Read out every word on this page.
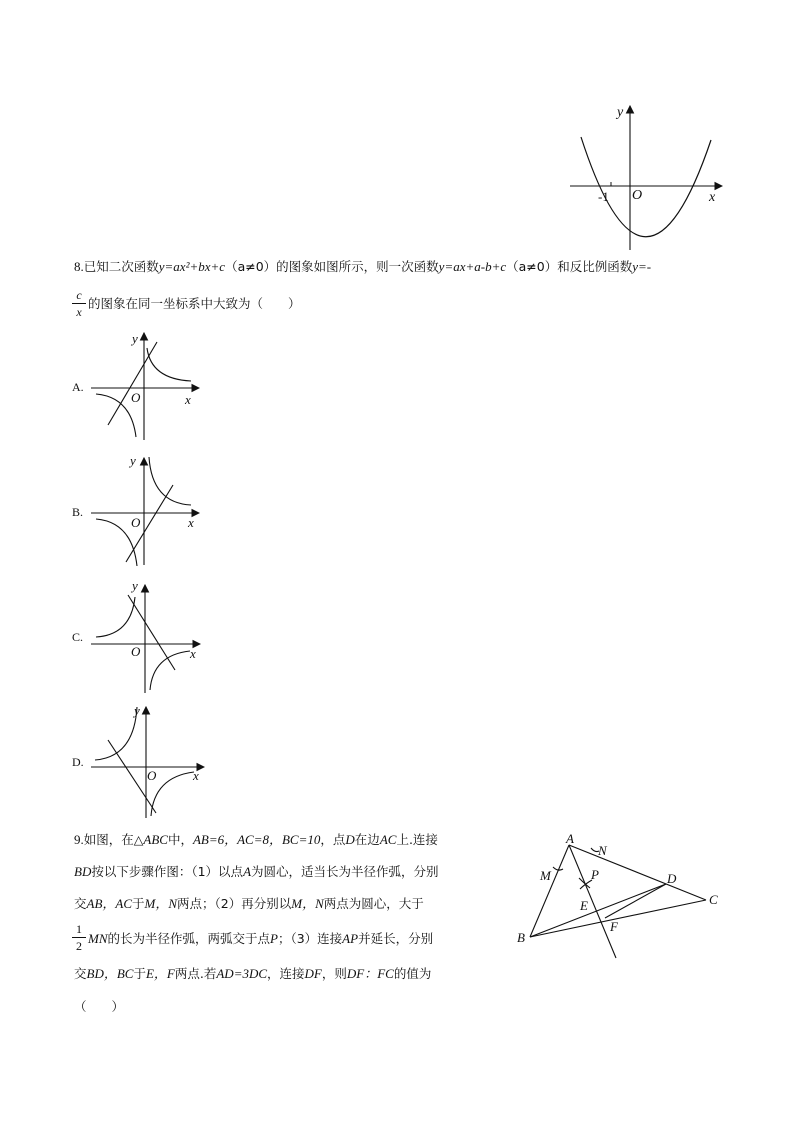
y
x
O
-1
8.已知二次函数y=ax²+bx+c（a≠0）的图象如图所示，则一次函数y=ax+a-b+c（a≠0）和反比例函数y=-
c
x
的图象在同一坐标系中大致为（　　）
A.
B.
C.
D.
y
x
O
y
x
O
y
x
O
y
x
O
9.如图，在△ABC中，AB=6，AC=8，BC=10，点D在边AC上.连接
BD按以下步骤作图：（1）以点A为圆心，适当长为半径作弧，分别
交AB，AC于M，N两点；（2）再分别以M，N两点为圆心，大于
1
2 MN的长为半径作弧，两弧交于点P；（3）连接AP并延长，分别
交BD，BC于E，F两点.若AD=3DC，连接DF，则DF：FC的值为
（　　）
A
B
C
D
E
F
M
N
P
